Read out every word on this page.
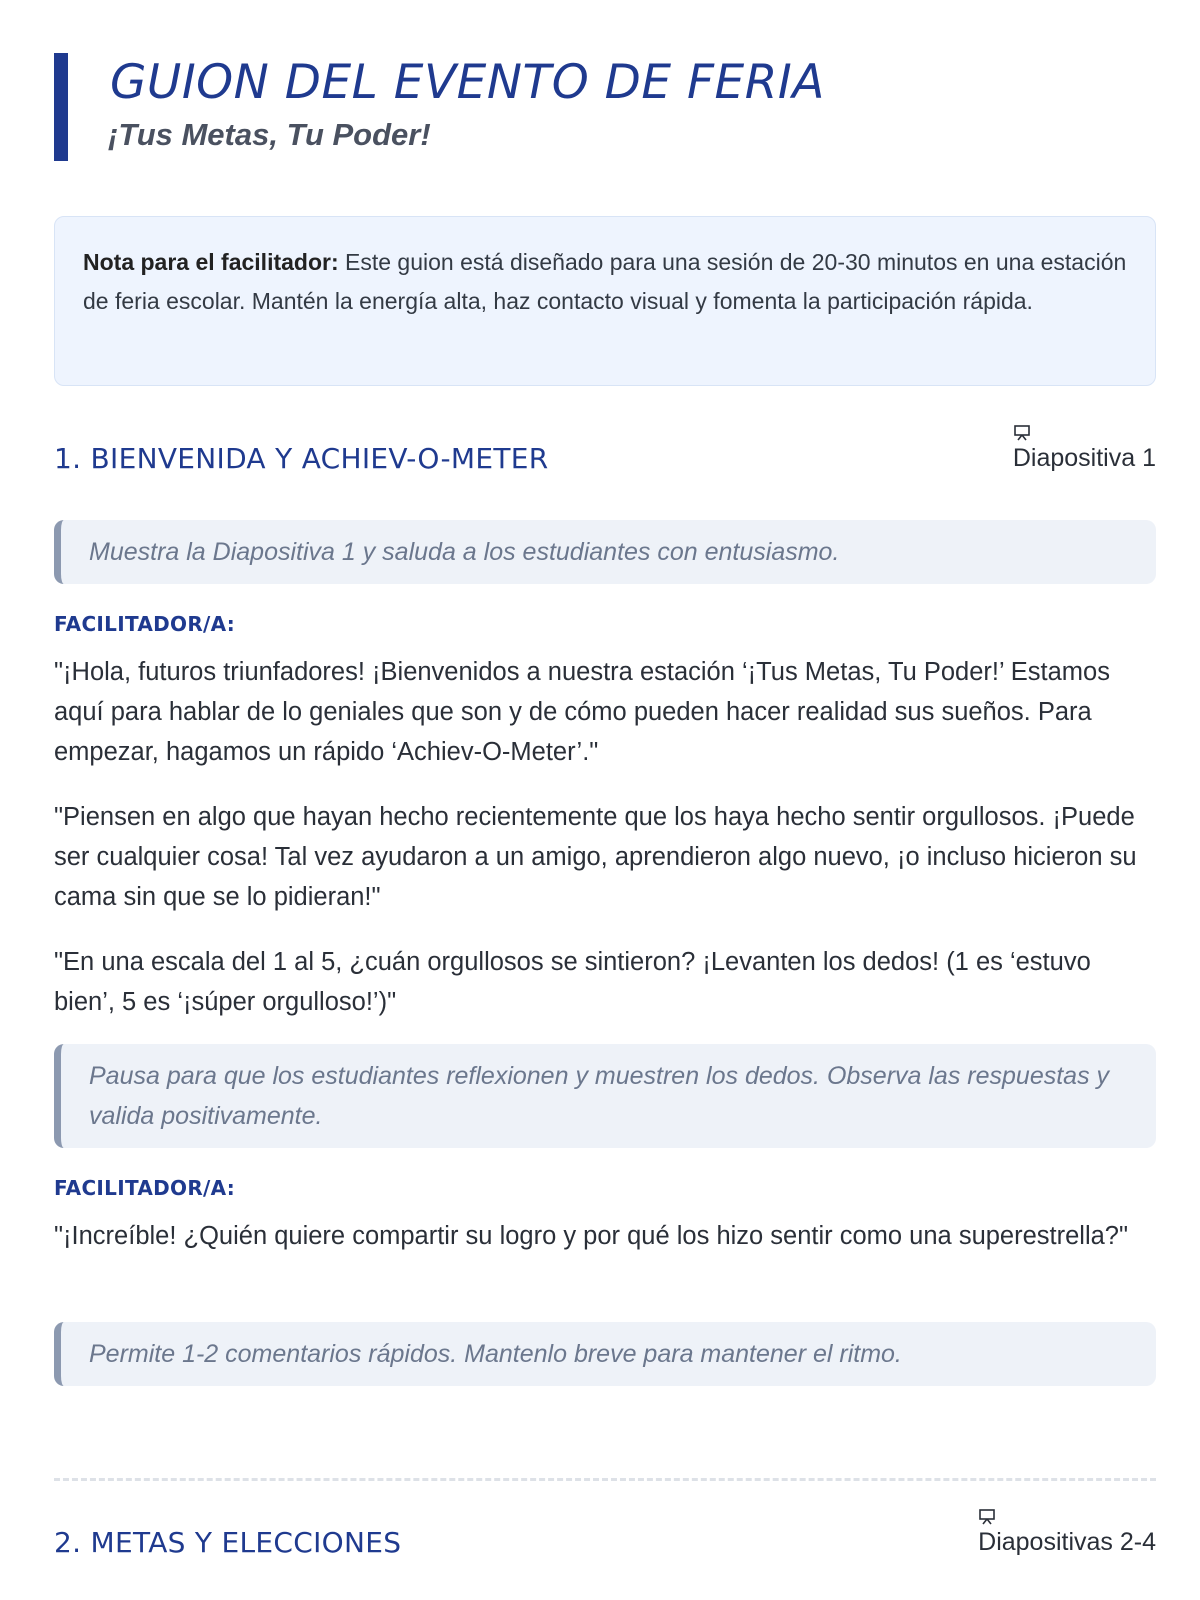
GUION DEL EVENTO DE FERIA
¡Tus Metas, Tu Poder!
Nota para el facilitador: Este guion está diseñado para una sesión de 20-30 minutos en una estación de feria escolar. Mantén la energía alta, haz contacto visual y fomenta la participación rápida.
1. BIENVENIDA Y ACHIEV-O-METER	Diapositiva 1
Muestra la Diapositiva 1 y saluda a los estudiantes con entusiasmo.

FACILITADOR/A:

"¡Hola, futuros triunfadores! ¡Bienvenidos a nuestra estación ‘¡Tus Metas, Tu Poder!’ Estamos aquí para hablar de lo geniales que son y de cómo pueden hacer realidad sus sueños. Para empezar, hagamos un rápido ‘Achiev-O-Meter’."

"Piensen en algo que hayan hecho recientemente que los haya hecho sentir orgullosos. ¡Puede ser cualquier cosa! Tal vez ayudaron a un amigo, aprendieron algo nuevo, ¡o incluso hicieron su cama sin que se lo pidieran!"

"En una escala del 1 al 5, ¿cuán orgullosos se sintieron? ¡Levanten los dedos! (1 es ‘estuvo bien’, 5 es ‘¡súper orgulloso!’)"

Pausa para que los estudiantes reflexionen y muestren los dedos. Observa las respuestas y valida positivamente.

FACILITADOR/A:

"¡Increíble! ¿Quién quiere compartir su logro y por qué los hizo sentir como una superestrella?"

Permite 1-2 comentarios rápidos. Mantenlo breve para mantener el ritmo.
2. METAS Y ELECCIONES	Diapositivas 2-4
